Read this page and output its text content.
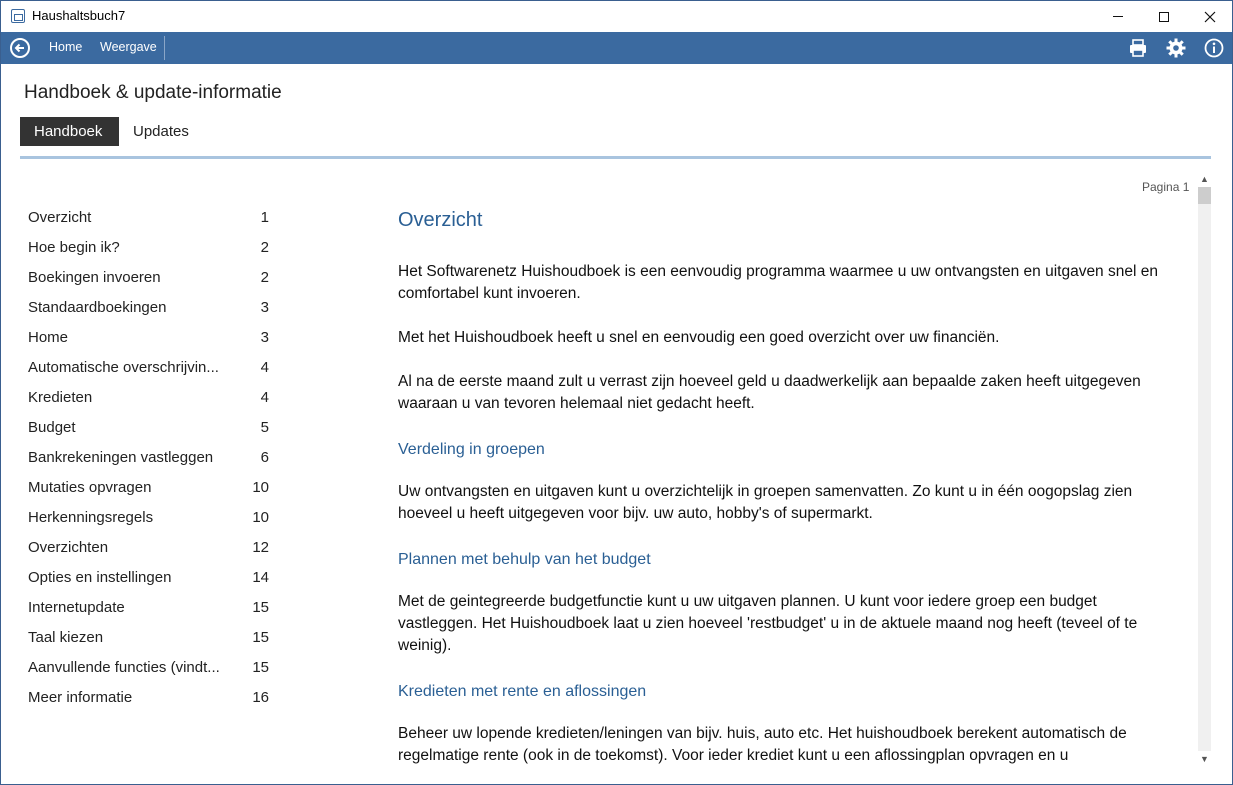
Haushaltsbuch7
Home Weergave
Handboek & update-informatie
Handboek	Updates
Overzicht	1
Hoe begin ik?	2
Boekingen invoeren	2
Standaardboekingen	3
Home	3
Automatische overschrijvin...	4
Kredieten	4
Budget	5
Bankrekeningen vastleggen	6
Mutaties opvragen	10
Herkenningsregels	10
Overzichten	12
Opties en instellingen	14
Internetupdate	15
Taal kiezen	15
Aanvullende functies (vindt...	15
Meer informatie	16
Pagina 1
Overzicht

Het Softwarenetz Huishoudboek is een eenvoudig programma waarmee u uw ontvangsten en uitgaven snel en comfortabel kunt invoeren.

Met het Huishoudboek heeft u snel en eenvoudig een goed overzicht over uw financiën.

Al na de eerste maand zult u verrast zijn hoeveel geld u daadwerkelijk aan bepaalde zaken heeft uitgegeven waaraan u van tevoren helemaal niet gedacht heeft.

Verdeling in groepen

Uw ontvangsten en uitgaven kunt u overzichtelijk in groepen samenvatten. Zo kunt u in één oogopslag zien hoeveel u heeft uitgegeven voor bijv. uw auto, hobby's of supermarkt.

Plannen met behulp van het budget

Met de geintegreerde budgetfunctie kunt u uw uitgaven plannen. U kunt voor iedere groep een budget vastleggen. Het Huishoudboek laat u zien hoeveel 'restbudget' u in de aktuele maand nog heeft (teveel of te weinig).

Kredieten met rente en aflossingen

Beheer uw lopende kredieten/leningen van bijv. huis, auto etc. Het huishoudboek berekent automatisch de regelmatige rente (ook in de toekomst). Voor ieder krediet kunt u een aflossingplan opvragen en u

▲
▼
